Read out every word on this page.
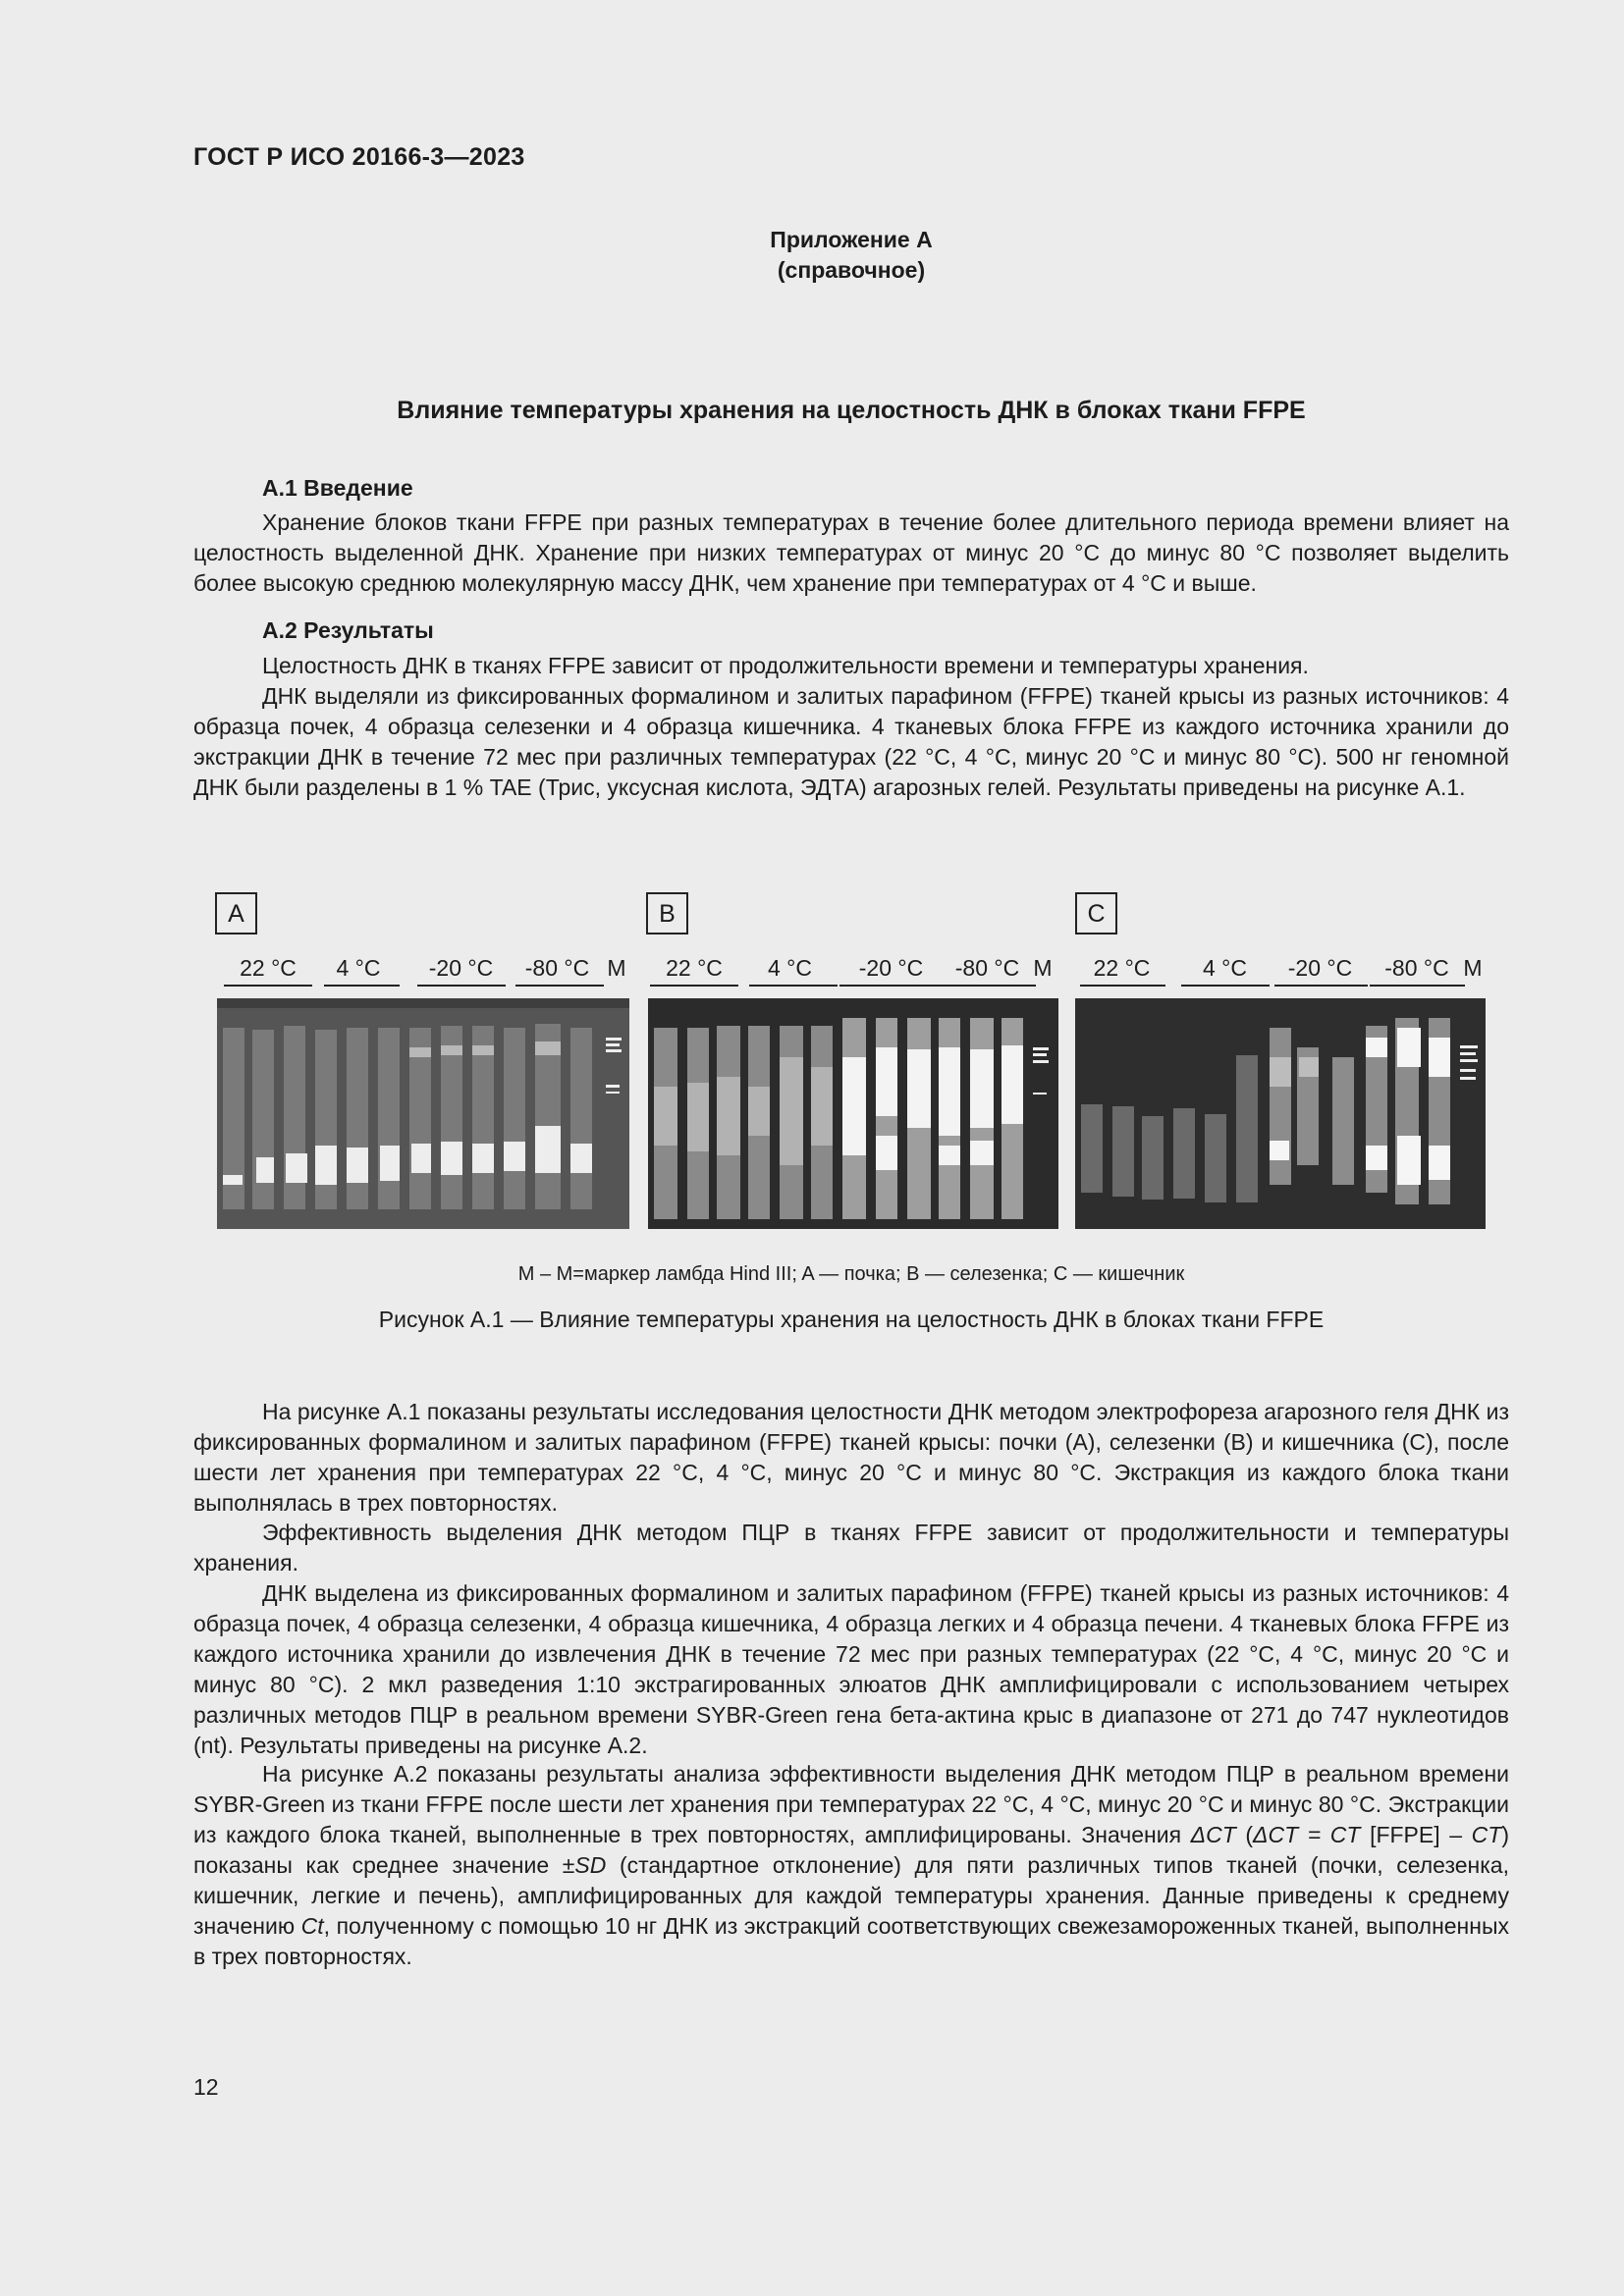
ГОСТ Р ИСО 20166-3—2023
Приложение А
(справочное)
Влияние температуры хранения на целостность ДНК в блоках ткани FFPE
А.1 Введение
Хранение блоков ткани FFPE при разных температурах в течение более длительного периода времени влияет на целостность выделенной ДНК. Хранение при низких температурах от минус 20 °С до минус 80 °С позволяет выделить более высокую среднюю молекулярную массу ДНК, чем хранение при температурах от 4 °С и выше.
А.2 Результаты
Целостность ДНК в тканях FFPE зависит от продолжительности времени и температуры хранения.
ДНК выделяли из фиксированных формалином и залитых парафином (FFPE) тканей крысы из разных источников: 4 образца почек, 4 образца селезенки и 4 образца кишечника. 4 тканевых блока FFPE из каждого источника хранили до экстракции ДНК в течение 72 мес при различных температурах (22 °С, 4 °С, минус 20 °С и минус 80 °С). 500 нг геномной ДНК были разделены в 1 % TAE (Трис, уксусная кислота, ЭДТА) агарозных гелей. Результаты приведены на рисунке А.1.
A
22 °C	4 °C	-20 °C	-80 °C M
B
22 °C	4 °C	-20 °C	-80 °C M
C
22 °C	4 °C	-20 °C	-80 °C M
M – M=маркер ламбда Hind III; A — почка; B — селезенка; C — кишечник
Рисунок А.1 — Влияние температуры хранения на целостность ДНК в блоках ткани FFPE
На рисунке А.1 показаны результаты исследования целостности ДНК методом электрофореза агарозного геля ДНК из фиксированных формалином и залитых парафином (FFPE) тканей крысы: почки (А), селезенки (В) и кишечника (С), после шести лет хранения при температурах 22 °С, 4 °С, минус 20 °С и минус 80 °С. Экстракция из каждого блока ткани выполнялась в трех повторностях.
Эффективность выделения ДНК методом ПЦР в тканях FFPE зависит от продолжительности и температуры хранения.
ДНК выделена из фиксированных формалином и залитых парафином (FFPE) тканей крысы из разных источников: 4 образца почек, 4 образца селезенки, 4 образца кишечника, 4 образца легких и 4 образца печени. 4 тканевых блока FFPE из каждого источника хранили до извлечения ДНК в течение 72 мес при разных температурах (22 °С, 4 °С, минус 20 °С и минус 80 °С). 2 мкл разведения 1:10 экстрагированных элюатов ДНК амплифицировали с использованием четырех различных методов ПЦР в реальном времени SYBR-Green гена бета-актина крыс в диапазоне от 271 до 747 нуклеотидов (nt). Результаты приведены на рисунке А.2.
На рисунке А.2 показаны результаты анализа эффективности выделения ДНК методом ПЦР в реальном времени SYBR-Green из ткани FFPE после шести лет хранения при температурах 22 °С, 4 °С, минус 20 °С и минус 80 °С. Экстракции из каждого блока тканей, выполненные в трех повторностях, амплифицированы. Значения ΔCT (ΔCT = CT [FFPE] – CT) показаны как среднее значение ±SD (стандартное отклонение) для пяти различных типов тканей (почки, селезенка, кишечник, легкие и печень), амплифицированных для каждой температуры хранения. Данные приведены к среднему значению Ct, полученному с помощью 10 нг ДНК из экстракций соответствующих свежезамороженных тканей, выполненных в трех повторностях.
12
